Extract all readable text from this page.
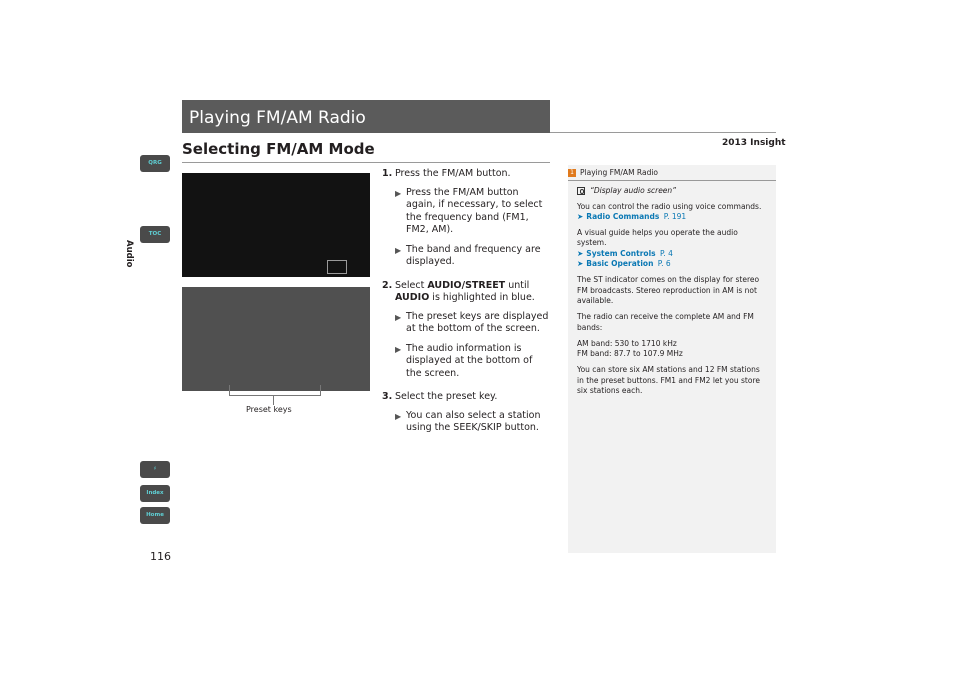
Playing FM/AM Radio
2013 Insight
Selecting FM/AM Mode
QRG
TOC
Audio
♯
Index
Home
116
Preset keys
1. Press the FM/AM button.
▶ Press the FM/AM button again, if necessary, to select the frequency band (FM1, FM2, AM).
▶ The band and frequency are displayed.
2. Select AUDIO/STREET until AUDIO is highlighted in blue.
▶ The preset keys are displayed at the bottom of the screen.
▶ The audio information is displayed at the bottom of the screen.
3. Select the preset key.
▶ You can also select a station using the SEEK/SKIP button.
1 Playing FM/AM Radio
“Display audio screen”

You can control the radio using voice commands.
➤ Radio Commands P. 191

A visual guide helps you operate the audio system.
➤ System Controls P. 4
➤ Basic Operation P. 6

The ST indicator comes on the display for stereo FM broadcasts. Stereo reproduction in AM is not available.

The radio can receive the complete AM and FM bands:

AM band: 530 to 1710 kHz
FM band: 87.7 to 107.9 MHz

You can store six AM stations and 12 FM stations in the preset buttons. FM1 and FM2 let you store six stations each.
